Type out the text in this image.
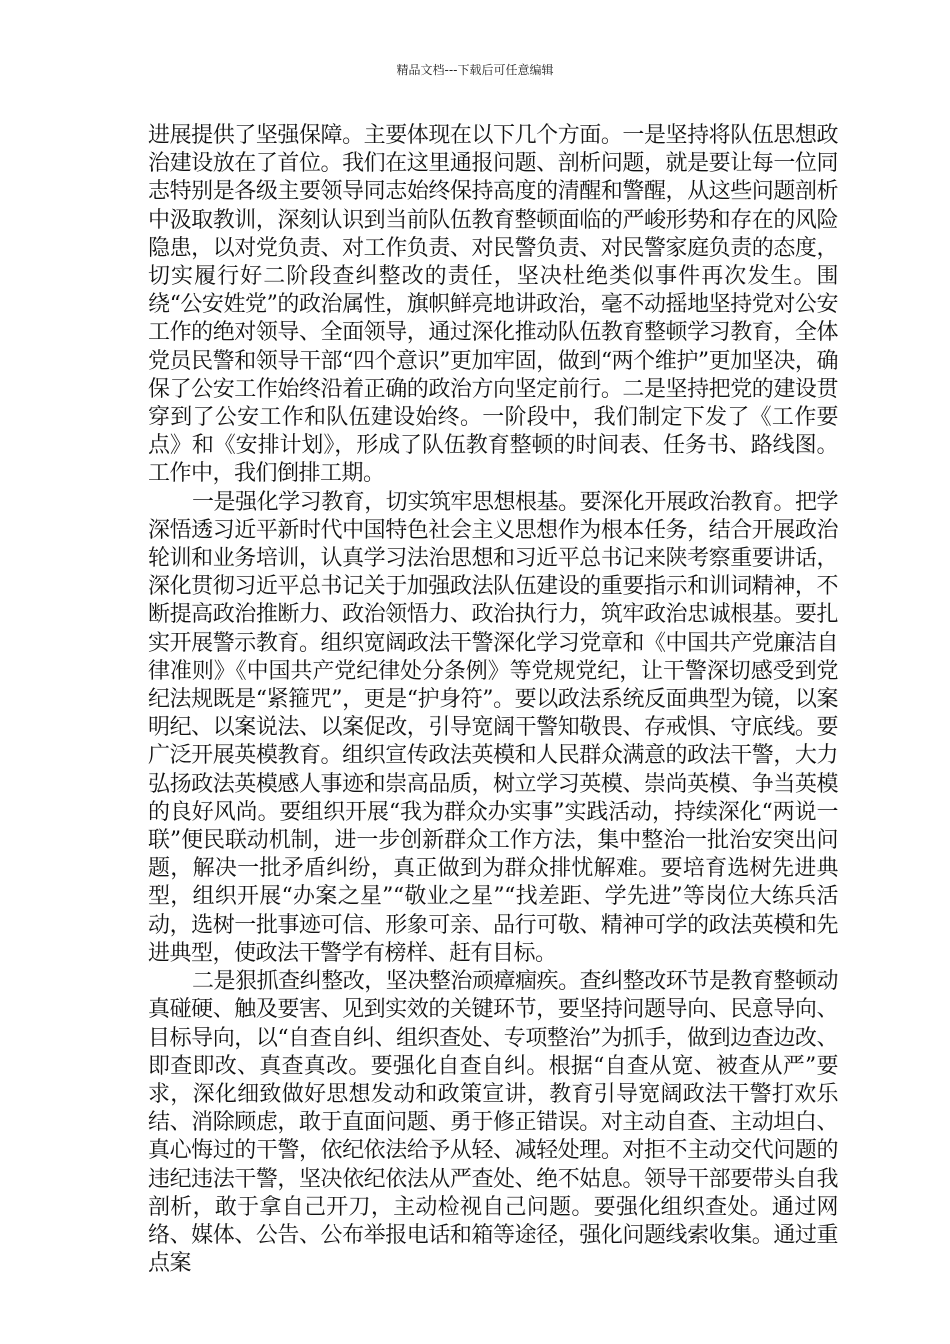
精品文档---下载后可任意编辑

进展提供了坚强保障。主要体现在以下几个方面。一是坚持将队伍思想政治建设放在了首位。我们在这里通报问题、剖析问题，就是要让每一位同志特别是各级主要领导同志始终保持高度的清醒和警醒，从这些问题剖析中汲取教训，深刻认识到当前队伍教育整顿面临的严峻形势和存在的风险隐患，以对党负责、对工作负责、对民警负责、对民警家庭负责的态度，切实履行好二阶段查纠整改的责任，坚决杜绝类似事件再次发生。围绕“公安姓党”的政治属性，旗帜鲜亮地讲政治，毫不动摇地坚持党对公安工作的绝对领导、全面领导，通过深化推动队伍教育整顿学习教育，全体党员民警和领导干部“四个意识”更加牢固，做到“两个维护”更加坚决，确保了公安工作始终沿着正确的政治方向坚定前行。二是坚持把党的建设贯穿到了公安工作和队伍建设始终。一阶段中，我们制定下发了《工作要点》和《安排计划》，形成了队伍教育整顿的时间表、任务书、路线图。工作中，我们倒排工期。

一是强化学习教育，切实筑牢思想根基。要深化开展政治教育。把学深悟透习近平新时代中国特色社会主义思想作为根本任务，结合开展政治轮训和业务培训，认真学习法治思想和习近平总书记来陕考察重要讲话，深化贯彻习近平总书记关于加强政法队伍建设的重要指示和训词精神，不断提高政治推断力、政治领悟力、政治执行力，筑牢政治忠诚根基。要扎实开展警示教育。组织宽阔政法干警深化学习党章和《中国共产党廉洁自律准则》《中国共产党纪律处分条例》等党规党纪，让干警深切感受到党纪法规既是“紧箍咒”，更是“护身符”。要以政法系统反面典型为镜，以案明纪、以案说法、以案促改，引导宽阔干警知敬畏、存戒惧、守底线。要广泛开展英模教育。组织宣传政法英模和人民群众满意的政法干警，大力弘扬政法英模感人事迹和崇高品质，树立学习英模、崇尚英模、争当英模的良好风尚。要组织开展“我为群众办实事”实践活动，持续深化“两说一联”便民联动机制，进一步创新群众工作方法，集中整治一批治安突出问题，解决一批矛盾纠纷，真正做到为群众排忧解难。要培育选树先进典型，组织开展“办案之星”“敬业之星”“找差距、学先进”等岗位大练兵活动，选树一批事迹可信、形象可亲、品行可敬、精神可学的政法英模和先进典型，使政法干警学有榜样、赶有目标。

二是狠抓查纠整改，坚决整治顽瘴痼疾。查纠整改环节是教育整顿动真碰硬、触及要害、见到实效的关键环节，要坚持问题导向、民意导向、目标导向，以“自查自纠、组织查处、专项整治”为抓手，做到边查边改、即查即改、真查真改。要强化自查自纠。根据“自查从宽、被查从严”要求，深化细致做好思想发动和政策宣讲，教育引导宽阔政法干警打欢乐结、消除顾虑，敢于直面问题、勇于修正错误。对主动自查、主动坦白、真心悔过的干警，依纪依法给予从轻、减轻处理。对拒不主动交代问题的违纪违法干警，坚决依纪依法从严查处、绝不姑息。领导干部要带头自我剖析，敢于拿自己开刀，主动检视自己问题。要强化组织查处。通过网络、媒体、公告、公布举报电话和箱等途径，强化问题线索收集。通过重点案
